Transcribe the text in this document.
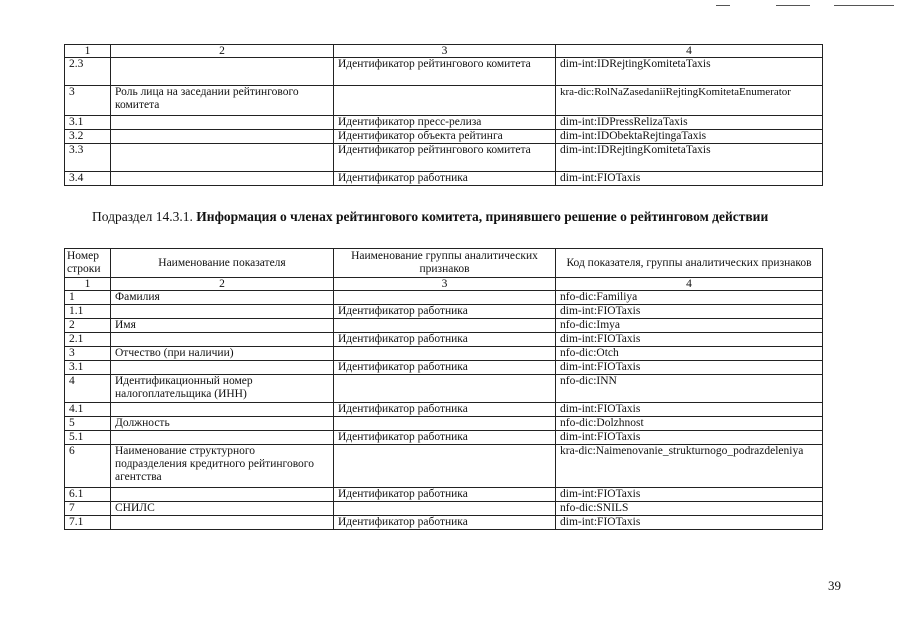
1	2	3	4
2.3		Идентификатор рейтингового комитета	dim-int:IDRejtingKomitetaTaxis
3	Роль лица на заседании рейтингового комитета		kra-dic:RolNaZasedaniiRejtingKomitetaEnumerator
3.1		Идентификатор пресс-релиза	dim-int:IDPressRelizaTaxis
3.2		Идентификатор объекта рейтинга	dim-int:IDObektaRejtingaTaxis
3.3		Идентификатор рейтингового комитета	dim-int:IDRejtingKomitetaTaxis
3.4		Идентификатор работника	dim-int:FIOTaxis
Подраздел 14.3.1. Информация о членах рейтингового комитета, принявшего решение о рейтинговом действии
Номер строки	Наименование показателя	Наименование группы аналитических признаков	Код показателя, группы аналитических признаков
1	2	3	4
1	Фамилия		nfo-dic:Familiya
1.1		Идентификатор работника	dim-int:FIOTaxis
2	Имя		nfo-dic:Imya
2.1		Идентификатор работника	dim-int:FIOTaxis
3	Отчество (при наличии)		nfo-dic:Otch
3.1		Идентификатор работника	dim-int:FIOTaxis
4	Идентификационный номер налогоплательщика (ИНН)		nfo-dic:INN
4.1		Идентификатор работника	dim-int:FIOTaxis
5	Должность		nfo-dic:Dolzhnost
5.1		Идентификатор работника	dim-int:FIOTaxis
6	Наименование структурного подразделения кредитного рейтингового агентства		kra-dic:Naimenovanie_strukturnogo_podrazdeleniya
6.1		Идентификатор работника	dim-int:FIOTaxis
7	СНИЛС		nfo-dic:SNILS
7.1		Идентификатор работника	dim-int:FIOTaxis
39
